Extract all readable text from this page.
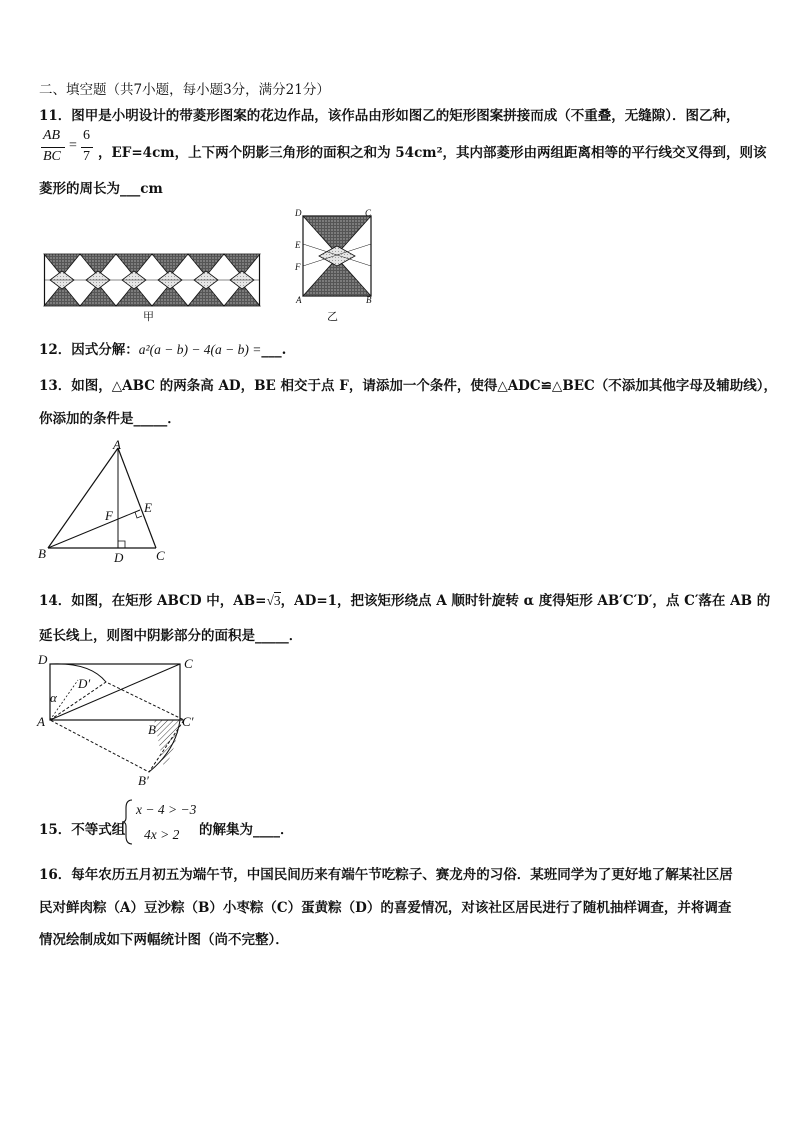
二、填空题（共7小题，每小题3分，满分21分）
11．图甲是小明设计的带菱形图案的花边作品，该作品由形如图乙的矩形图案拼接而成（不重叠，无缝隙）．图乙种，
AB
BC
=
6
7 ，EF=4cm，上下两个阴影三角形的面积之和为 54cm²，其内部菱形由两组距离相等的平行线交叉得到，则该
菱形的周长为___cm
甲
D	C
E
F
A	B
乙
12．因式分解：a²(a − b) − 4(a − b) =___.
13．如图，△ABC 的两条高 AD，BE 相交于点 F，请添加一个条件，使得△ADC≌△BEC（不添加其他字母及辅助线），
你添加的条件是_____．
A
B	C
D
E
F
14．如图，在矩形 ABCD 中，AB=√3，AD=1，把该矩形绕点 A 顺时针旋转 α 度得矩形 AB′C′D′，点 C′落在 AB 的
延长线上，则图中阴影部分的面积是_____．
D	C
D′
α
A
B
C′
B′
15．不等式组
x − 4 > −3
4x > 2 的解集为____．
16．每年农历五月初五为端午节，中国民间历来有端午节吃粽子、赛龙舟的习俗．某班同学为了更好地了解某社区居
民对鲜肉粽（A）豆沙粽（B）小枣粽（C）蛋黄粽（D）的喜爱情况，对该社区居民进行了随机抽样调查，并将调查
情况绘制成如下两幅统计图（尚不完整）．
